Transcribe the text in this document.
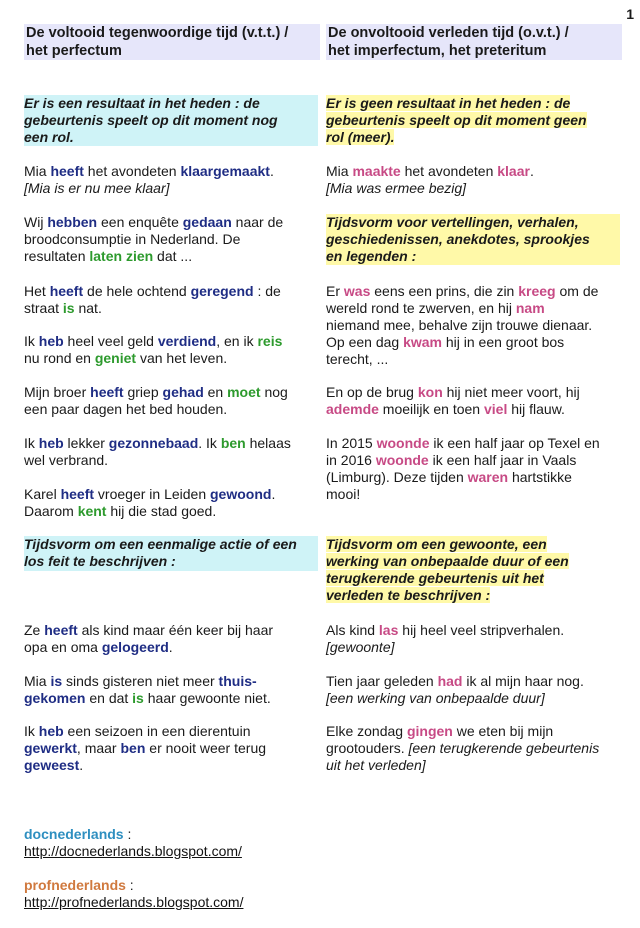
1
De voltooid tegenwoordige tijd (v.t.t.) /
het perfectum
Er is een resultaat in het heden : de
gebeurtenis speelt op dit moment nog
een rol.
Mia heeft het avondeten klaargemaakt.
[Mia is er nu mee klaar]
Wij hebben een enquête gedaan naar de
broodconsumptie in Nederland. De
resultaten laten zien dat ...
Het heeft de hele ochtend geregend : de
straat is nat.
Ik heb heel veel geld verdiend, en ik reis
nu rond en geniet van het leven.
Mijn broer heeft griep gehad en moet nog
een paar dagen het bed houden.
Ik heb lekker gezonnebaad. Ik ben helaas
wel verbrand.
Karel heeft vroeger in Leiden gewoond.
Daarom kent hij die stad goed.
Tijdsvorm om een eenmalige actie of een
los feit te beschrijven :
Ze heeft als kind maar één keer bij haar
opa en oma gelogeerd.
Mia is sinds gisteren niet meer thuis-
gekomen en dat is haar gewoonte niet.
Ik heb een seizoen in een dierentuin
gewerkt, maar ben er nooit weer terug
geweest.
De onvoltooid verleden tijd (o.v.t.) /
het imperfectum, het preteritum
Er is geen resultaat in het heden : de
gebeurtenis speelt op dit moment geen
rol (meer).
Mia maakte het avondeten klaar.
[Mia was ermee bezig]
Tijdsvorm voor vertellingen, verhalen,
geschiedenissen, anekdotes, sprookjes
en legenden :
Er was eens een prins, die zin kreeg om de
wereld rond te zwerven, en hij nam
niemand mee, behalve zijn trouwe dienaar.
Op een dag kwam hij in een groot bos
terecht, ...
En op de brug kon hij niet meer voort, hij
ademde moeilijk en toen viel hij flauw.
In 2015 woonde ik een half jaar op Texel en
in 2016 woonde ik een half jaar in Vaals
(Limburg). Deze tijden waren hartstikke
mooi!
Tijdsvorm om een gewoonte, een
werking van onbepaalde duur of een
terugkerende gebeurtenis uit het
verleden te beschrijven :
Als kind las hij heel veel stripverhalen.
[gewoonte]
Tien jaar geleden had ik al mijn haar nog.
[een werking van onbepaalde duur]
Elke zondag gingen we eten bij mijn
grootouders. [een terugkerende gebeurtenis
uit het verleden]
docnederlands :
http://docnederlands.blogspot.com/
profnederlands :
http://profnederlands.blogspot.com/
